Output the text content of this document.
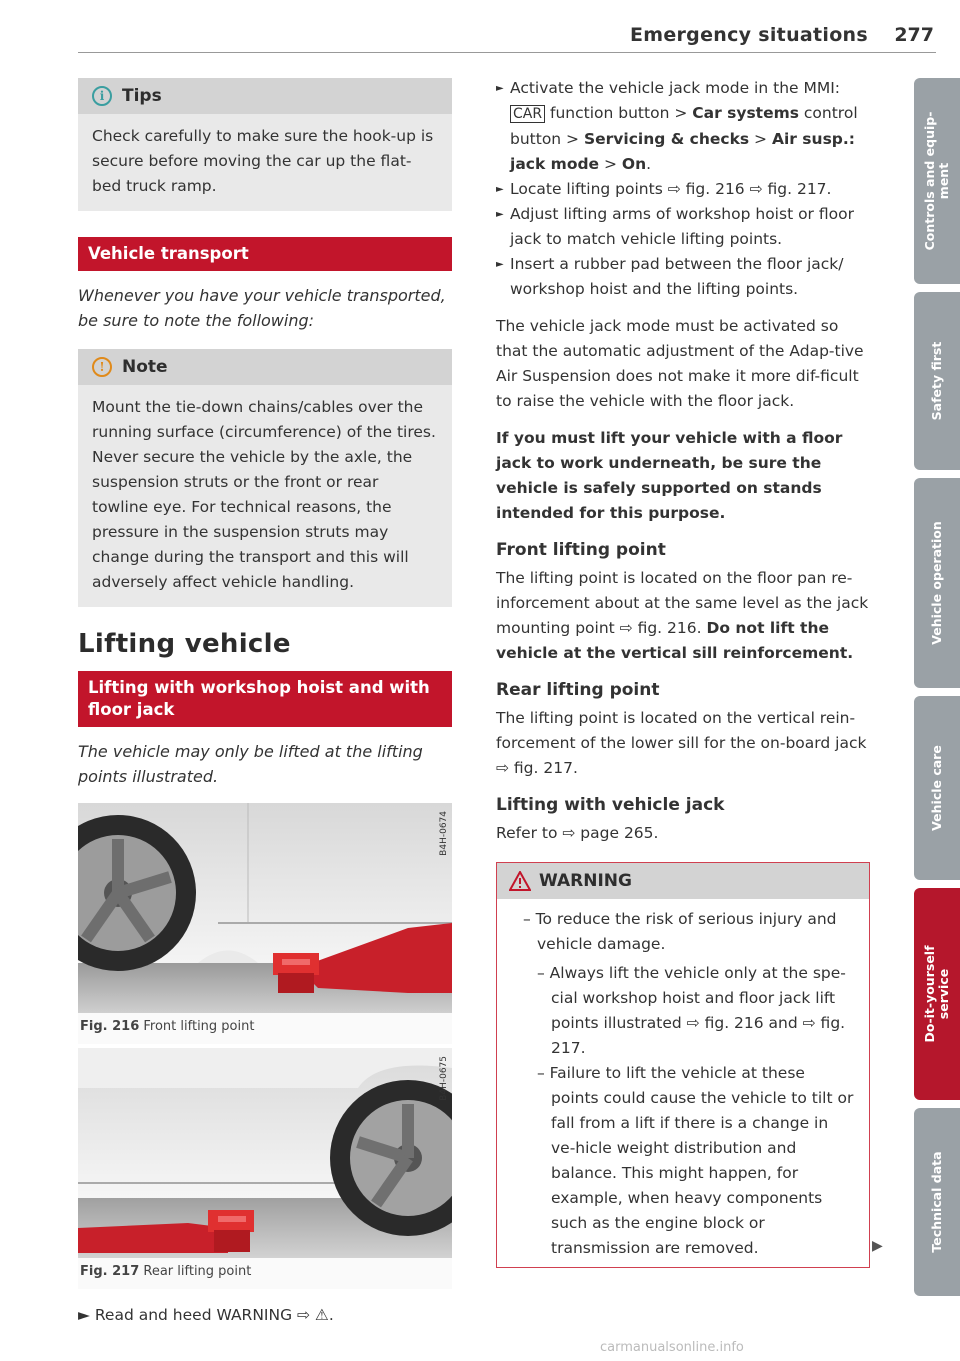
Emergency situations 277
Controls and equip-
ment
Safety first
Vehicle operation
Vehicle care
Do-it-yourself
service
Technical data
i	Tips

Check carefully to make sure the hook-up is secure before moving the car up the flat-bed truck ramp.

Vehicle transport
Whenever you have your vehicle transported, be sure to note the following:
!	Note

Mount the tie-down chains/cables over the running surface (circumference) of the tires. Never secure the vehicle by the axle, the suspension struts or the front or rear towline eye. For technical reasons, the pressure in the suspension struts may change during the transport and this will adversely affect vehicle handling.

Lifting vehicle
Lifting with workshop hoist and with floor jack
The vehicle may only be lifted at the lifting points illustrated.
B4H-0674
Fig. 216 Front lifting point
B4H-0675
Fig. 217 Rear lifting point
► Read and heed WARNING ⇨ ⚠.
► Activate the vehicle jack mode in the MMI:
CAR function button > Car systems control button > Servicing & checks > Air susp.: jack mode > On.
► Locate lifting points ⇨ fig. 216 ⇨ fig. 217.
► Adjust lifting arms of workshop hoist or floor jack to match vehicle lifting points.
► Insert a rubber pad between the floor jack/ workshop hoist and the lifting points.
The vehicle jack mode must be activated so that the automatic adjustment of the Adap-tive Air Suspension does not make it more dif-ficult to raise the vehicle with the floor jack.
If you must lift your vehicle with a floor jack to work underneath, be sure the vehicle is safely supported on stands intended for this purpose.
Front lifting point
The lifting point is located on the floor pan re-inforcement about at the same level as the jack mounting point ⇨ fig. 216. Do not lift the vehicle at the vertical sill reinforcement.
Rear lifting point
The lifting point is located on the vertical rein-forcement of the lower sill for the on-board jack ⇨ fig. 217.
Lifting with vehicle jack
Refer to ⇨ page 265.
WARNING
– To reduce the risk of serious injury and vehicle damage.
– Always lift the vehicle only at the spe-cial workshop hoist and floor jack lift points illustrated ⇨ fig. 216 and ⇨ fig. 217.
– Failure to lift the vehicle at these points could cause the vehicle to tilt or fall from a lift if there is a change in ve-hicle weight distribution and balance. This might happen, for example, when heavy components such as the engine block or transmission are removed.	▶
carmanualsonline.info
